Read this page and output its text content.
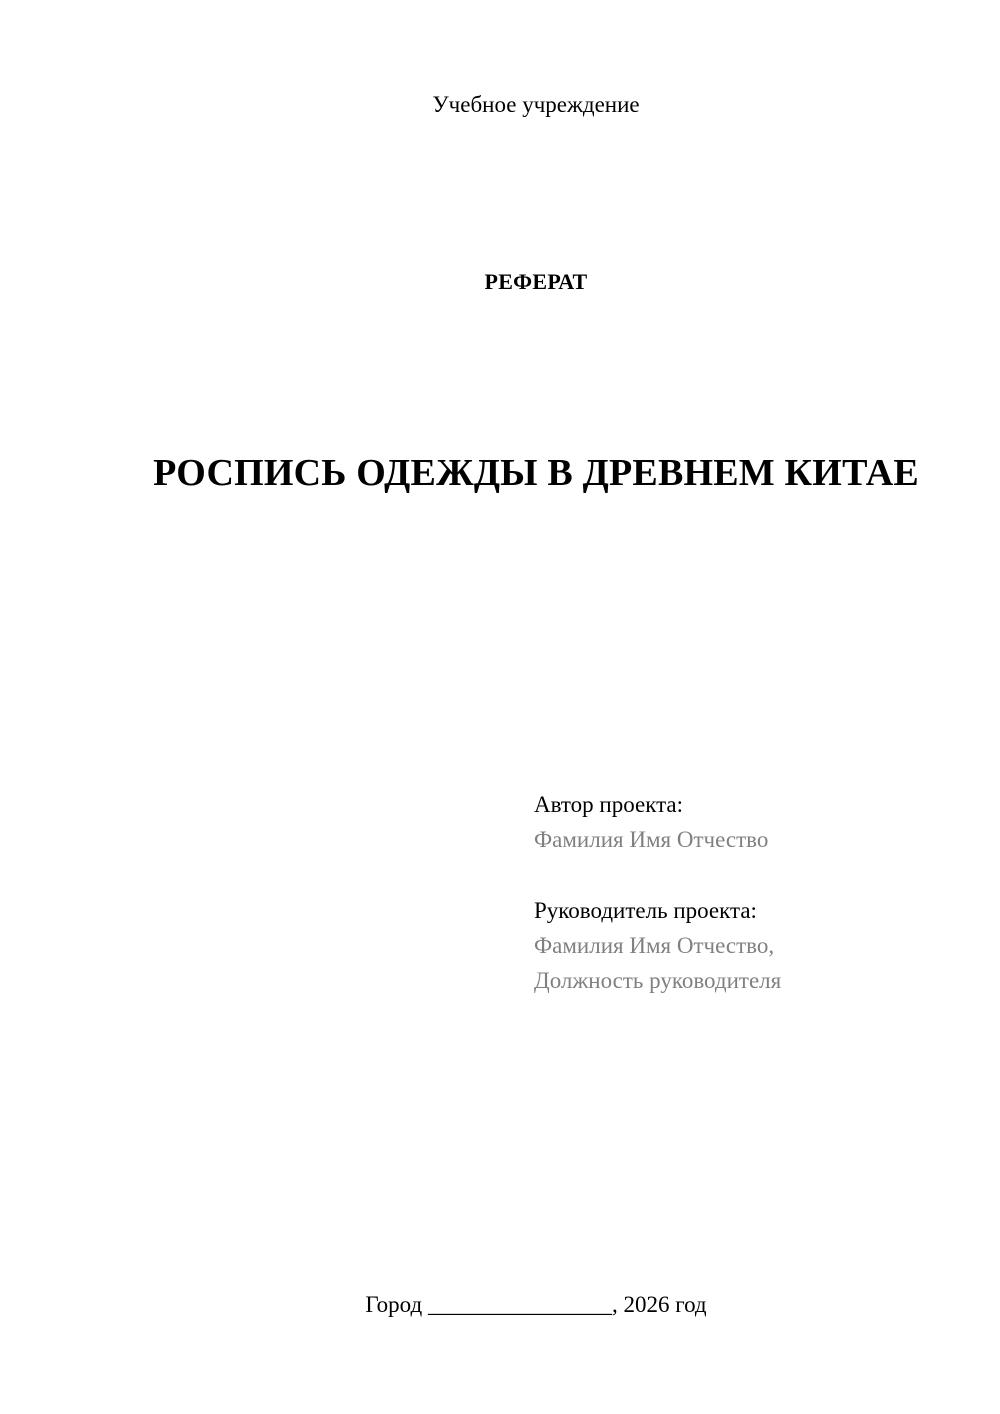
Учебное учреждение
РЕФЕРАТ
РОСПИСЬ ОДЕЖДЫ В ДРЕВНЕМ КИТАЕ
Автор проекта:
Фамилия Имя Отчество
Руководитель проекта:
Фамилия Имя Отчество,
Должность руководителя
Город ________________, 2026 год
